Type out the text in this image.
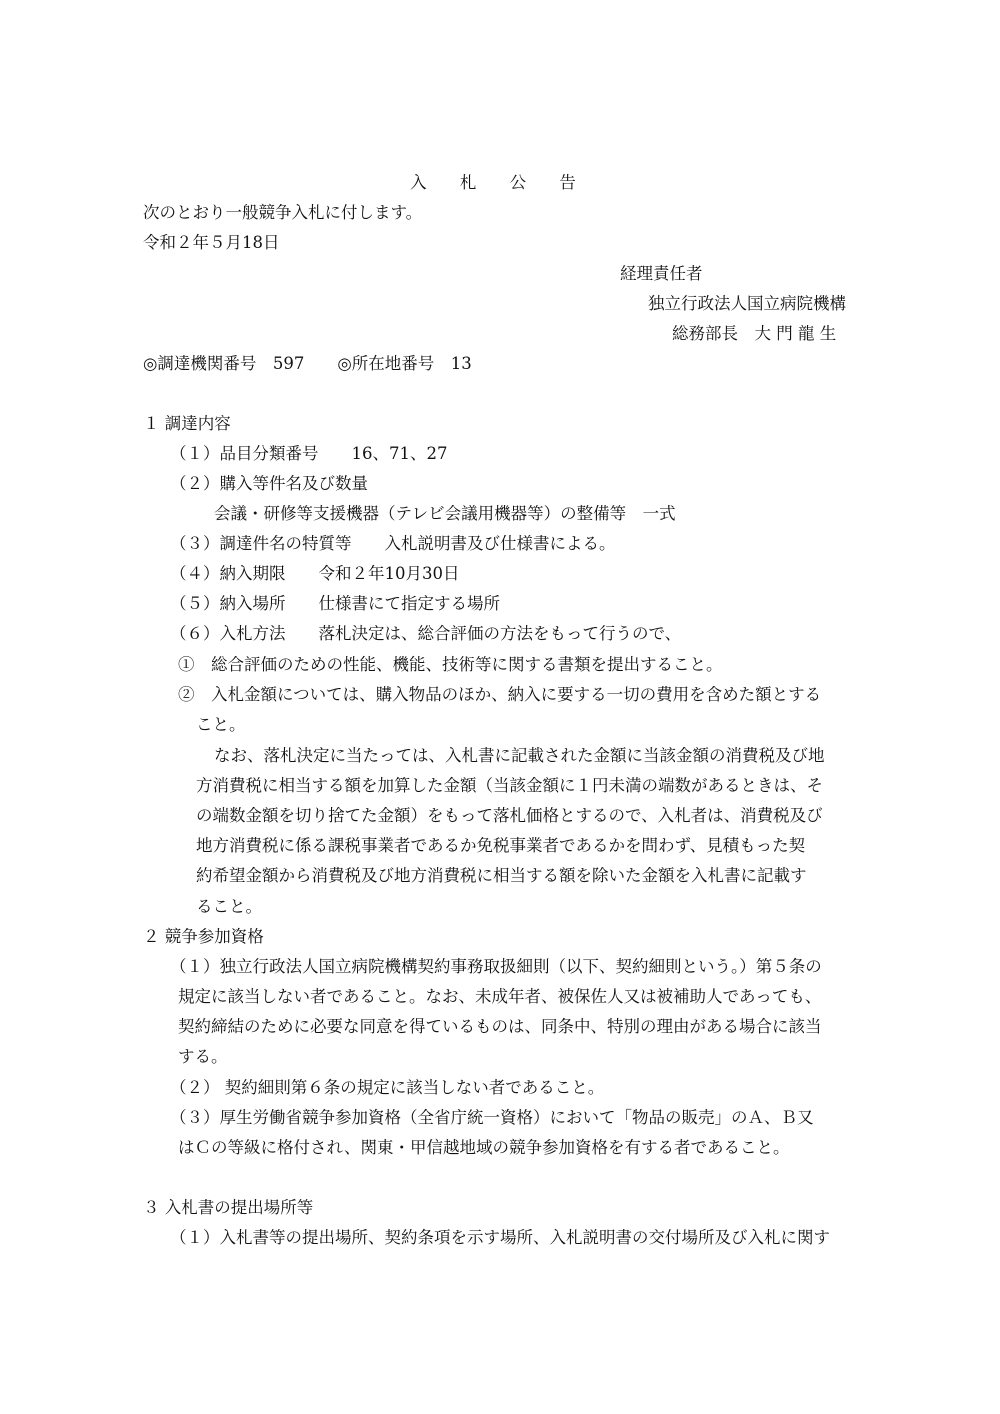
入 札 公 告
次のとおり一般競争入札に付します。
令和２年５月18日
経理責任者
独立行政法人国立病院機構
総務部長　大 門 龍 生
◎調達機関番号　597　　◎所在地番号　13
１ 調達内容
（１）品目分類番号　　16、71、27
（２）購入等件名及び数量
会議・研修等支援機器（テレビ会議用機器等）の整備等　一式
（３）調達件名の特質等　　入札説明書及び仕様書による。
（４）納入期限　　令和２年10月30日
（５）納入場所　　仕様書にて指定する場所
（６）入札方法　　落札決定は、総合評価の方法をもって行うので、
①　総合評価のための性能、機能、技術等に関する書類を提出すること。
②　入札金額については、購入物品のほか、納入に要する一切の費用を含めた額とする
こと。
なお、落札決定に当たっては、入札書に記載された金額に当該金額の消費税及び地
方消費税に相当する額を加算した金額（当該金額に１円未満の端数があるときは、そ
の端数金額を切り捨てた金額）をもって落札価格とするので、入札者は、消費税及び
地方消費税に係る課税事業者であるか免税事業者であるかを問わず、見積もった契
約希望金額から消費税及び地方消費税に相当する額を除いた金額を入札書に記載す
ること。
２ 競争参加資格
（１）独立行政法人国立病院機構契約事務取扱細則（以下、契約細則という。）第５条の
規定に該当しない者であること。なお、未成年者、被保佐人又は被補助人であっても、
契約締結のために必要な同意を得ているものは、同条中、特別の理由がある場合に該当
する。
（２） 契約細則第６条の規定に該当しない者であること。
（３）厚生労働省競争参加資格（全省庁統一資格）において「物品の販売」のＡ、Ｂ又
はＣの等級に格付され、関東・甲信越地域の競争参加資格を有する者であること。
３ 入札書の提出場所等
（１）入札書等の提出場所、契約条項を示す場所、入札説明書の交付場所及び入札に関す
